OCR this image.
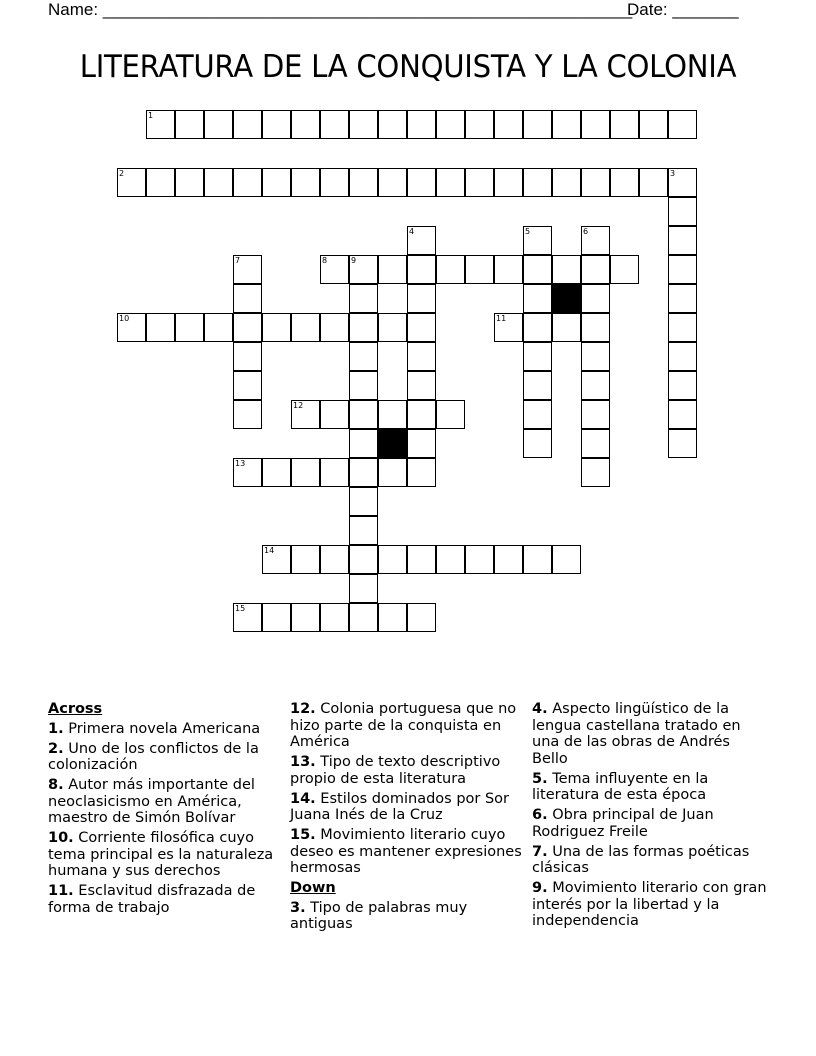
Name: ________________________________________________________
Date: _______
LITERATURA DE LA CONQUISTA Y LA COLONIA
1
2	3
4	5	6
7	8	9
10	11
12
13
14
15
Across
1. Primera novela Americana
2. Uno de los conflictos de la colonización
8. Autor más importante del neoclasicismo en América, maestro de Simón Bolívar
10. Corriente filosófica cuyo tema principal es la naturaleza humana y sus derechos
11. Esclavitud disfrazada de forma de trabajo
12. Colonia portuguesa que no hizo parte de la conquista en América
13. Tipo de texto descriptivo propio de esta literatura
14. Estilos dominados por Sor Juana Inés de la Cruz
15. Movimiento literario cuyo deseo es mantener expresiones hermosas
Down
3. Tipo de palabras muy antiguas
4. Aspecto lingüístico de la lengua castellana tratado en una de las obras de Andrés Bello
5. Tema influyente en la literatura de esta época
6. Obra principal de Juan Rodriguez Freile
7. Una de las formas poéticas clásicas
9. Movimiento literario con gran interés por la libertad y la independencia
